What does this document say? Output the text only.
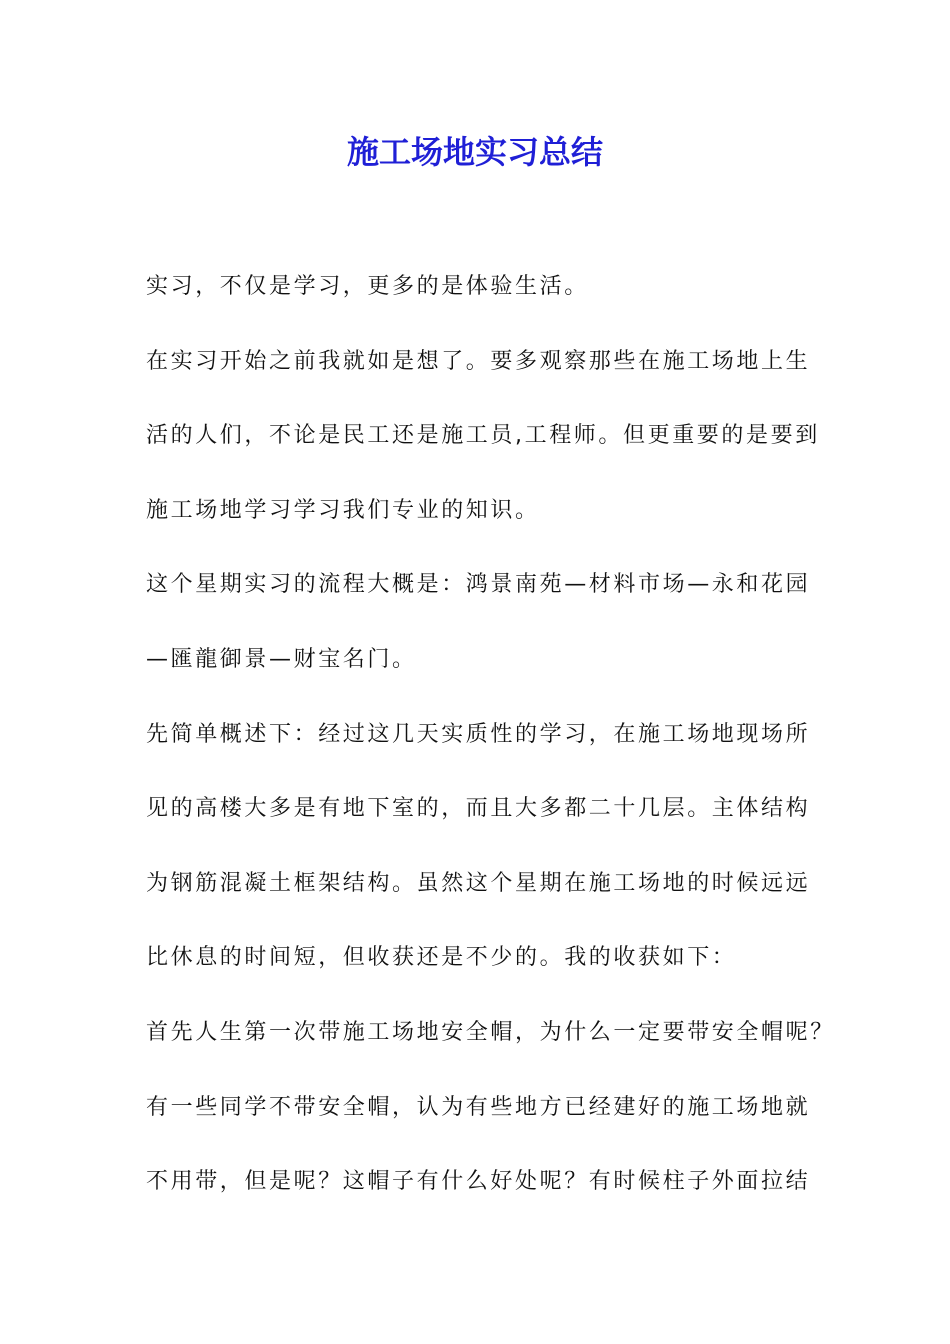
施工场地实习总结
实习，不仅是学习，更多的是体验生活。
在实习开始之前我就如是想了。要多观察那些在施工场地上生
活的人们，不论是民工还是施工员,工程师。但更重要的是要到
施工场地学习学习我们专业的知识。
这个星期实习的流程大概是：鸿景南苑—材料市场—永和花园
—匯龍御景—财宝名门。
先简单概述下：经过这几天实质性的学习，在施工场地现场所
见的高楼大多是有地下室的，而且大多都二十几层。主体结构
为钢筋混凝土框架结构。虽然这个星期在施工场地的时候远远
比休息的时间短，但收获还是不少的。我的收获如下：
首先人生第一次带施工场地安全帽，为什么一定要带安全帽呢？
有一些同学不带安全帽，认为有些地方已经建好的施工场地就
不用带，但是呢？这帽子有什么好处呢？有时候柱子外面拉结
